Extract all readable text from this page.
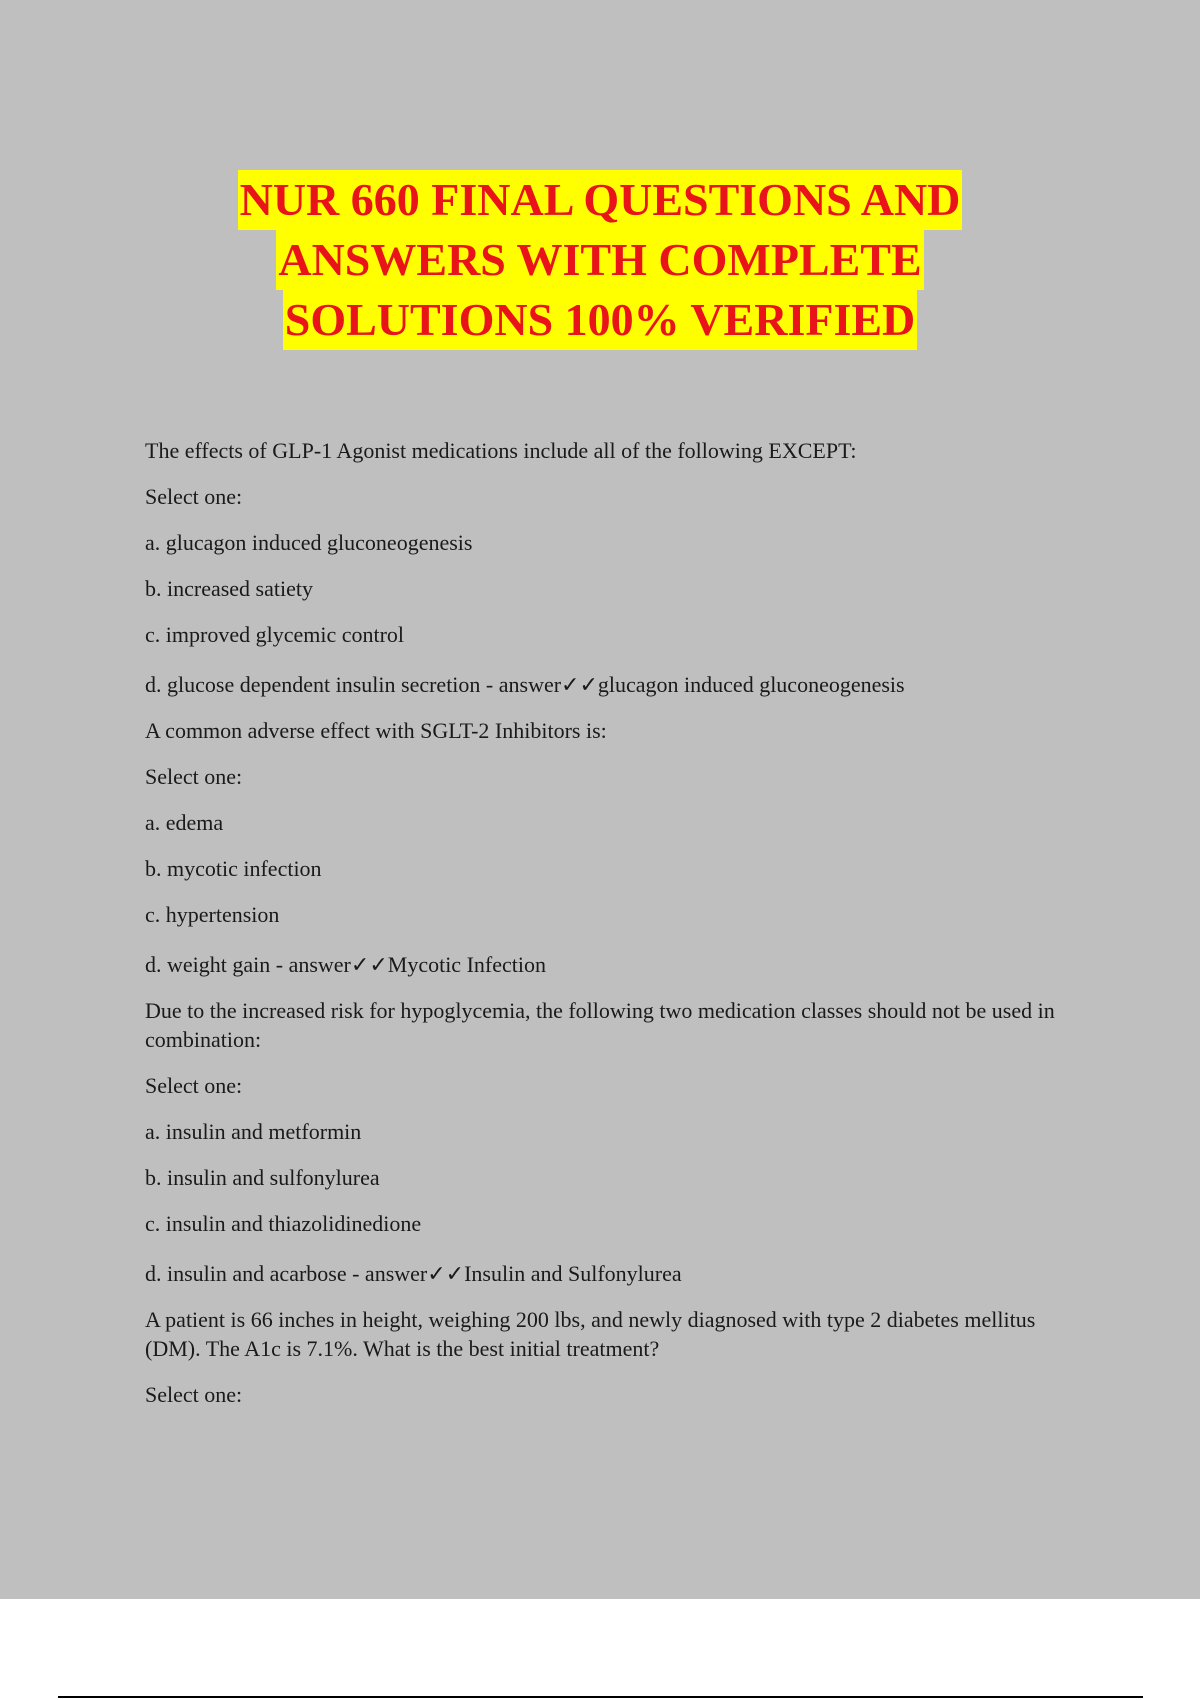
NUR 660 FINAL QUESTIONS AND
ANSWERS WITH COMPLETE
SOLUTIONS 100% VERIFIED

The effects of GLP-1 Agonist medications include all of the following EXCEPT:

Select one:

a. glucagon induced gluconeogenesis

b. increased satiety

c. improved glycemic control

d. glucose dependent insulin secretion - answer✓✓glucagon induced gluconeogenesis

A common adverse effect with SGLT-2 Inhibitors is:

Select one:

a. edema

b. mycotic infection

c. hypertension

d. weight gain - answer✓✓Mycotic Infection

Due to the increased risk for hypoglycemia, the following two medication classes should not be used in combination:

Select one:

a. insulin and metformin

b. insulin and sulfonylurea

c. insulin and thiazolidinedione

d. insulin and acarbose - answer✓✓Insulin and Sulfonylurea

A patient is 66 inches in height, weighing 200 lbs, and newly diagnosed with type 2 diabetes mellitus (DM). The A1c is 7.1%. What is the best initial treatment?

Select one:
